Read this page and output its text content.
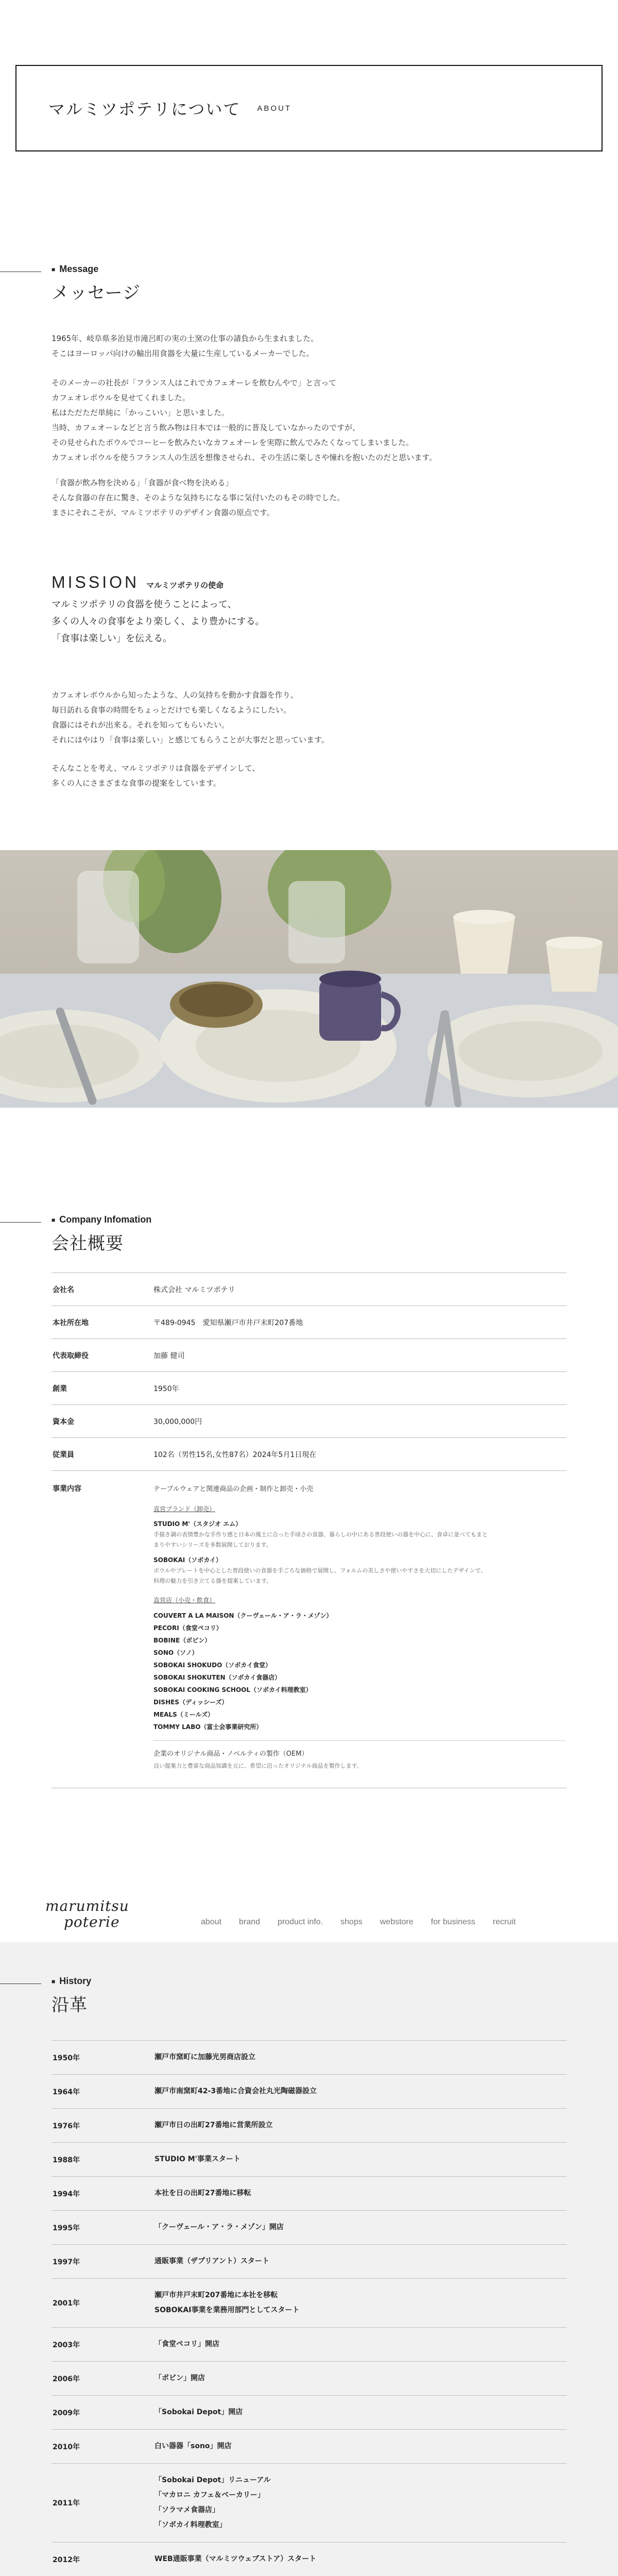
マルミツポテリについて ABOUT
■ Message
メッセージ

1965年、岐阜県多治見市滝呂町の実の土窯の仕事の請負から生まれました。

そこはヨーロッパ向けの輸出用食器を大量に生産しているメーカーでした。

そのメーカーの社長が「フランス人はこれでカフェオーレを飲むんやで」と言って

カフェオレボウルを見せてくれました。

私はただただ単純に「かっこいい」と思いました。

当時、カフェオーレなどと言う飲み物は日本では一般的に普及していなかったのですが、

その見せられたボウルでコーヒーを飲みたいなカフェオーレを実際に飲んでみたくなってしまいました。

カフェオレボウルを使うフランス人の生活を想像させられ、その生活に楽しさや憧れを抱いたのだと思います。

「食器が飲み物を決める」「食器が食べ物を決める」

そんな食器の存在に驚き、そのような気持ちになる事に気付いたのもその時でした。

まさにそれこそが、マルミツポテリのデザイン食器の原点です。

MISSION マルミツポテリの使命

マルミツポテリの食器を使うことによって、

多くの人々の食事をより楽しく、より豊かにする。

「食事は楽しい」を伝える。

カフェオレボウルから知ったような、人の気持ちを動かす食器を作り、

毎日訪れる食事の時間をちょっとだけでも楽しくなるようにしたい。

食器にはそれが出来る。それを知ってもらいたい。

それにはやはり「食事は楽しい」と感じてもらうことが大事だと思っています。

そんなことを考え、マルミツポテリは食器をデザインして、

多くの人にさまざまな食事の提案をしています。

■ Company Infomation
会社概要
会社名	株式会社 マルミツポテリ
本社所在地	〒489-0945　愛知県瀬戸市井戸末町207番地
代表取締役	加藤 健司
創業	1950年
資本金	30,000,000円
従業員	102名（男性15名,女性87名）2024年5月1日現在
事業内容	テーブルウェアと関連商品の企画・制作と卸売・小売
直営ブランド（卸売）
STUDIO M'（スタジオ エム）
手描き調の表情豊かな手作り感と日本の風土に合った手頃さの食器、暮らしの中にある普段使いの器を中心に、食卓に並べてもまとまりやすいシリーズを多数展開しております。
SOBOKAI（ソボカイ）
ボウルやプレートを中心とした普段使いの食器を手ごろな価格で展開し、フォルムの美しさや使いやすさを大切にしたデザインで、料理の魅力を引き立てる器を提案しています。
直営店（小売・飲食）
COUVERT A LA MAISON（クーヴェール・ア・ラ・メゾン）
PECORI（食堂ペコリ）
BOBINE（ボビン）
SONO（ソノ）
SOBOKAI SHOKUDO（ソボカイ食堂）
SOBOKAI SHOKUTEN（ソボカイ食器店）
SOBOKAI COOKING SCHOOL（ソボカイ料理教室）
DISHES（ディッシーズ）
MEALS（ミールズ）
TOMMY LABO（富士会事業研究所）
企業のオリジナル商品・ノベルティの製作（OEM）
良い提案力と豊富な商品知識を元に、希望に沿ったオリジナル商品を製作します。
marumitsu
poterie	about brand product info. shops webstore for business recruit
■ History
沿革
1950年	瀬戸市窯町に加藤光男商店設立
1964年	瀬戸市南窯町42-3番地に合資会社丸光陶磁器設立
1976年	瀬戸市日の出町27番地に営業所設立
1988年	STUDIO M'事業スタート
1994年	本社を日の出町27番地に移転
1995年	「クーヴェール・ア・ラ・メゾン」開店
1997年	通販事業（ザプリアント）スタート
2001年
瀬戸市井戸末町207番地に本社を移転
SOBOKAI事業を業務用部門としてスタート
2003年	「食堂ペコリ」開店
2006年	「ボビン」開店
2009年	「Sobokai Depot」開店
2010年	白い器器「sono」開店
2011年
「Sobokai Depot」リニューアル
「マカロニ カフェ＆ベーカリー」
「ソラマメ食器店」
「ソボカイ料理教室」
2012年	WEB通販事業（マルミツウェブストア）スタート
